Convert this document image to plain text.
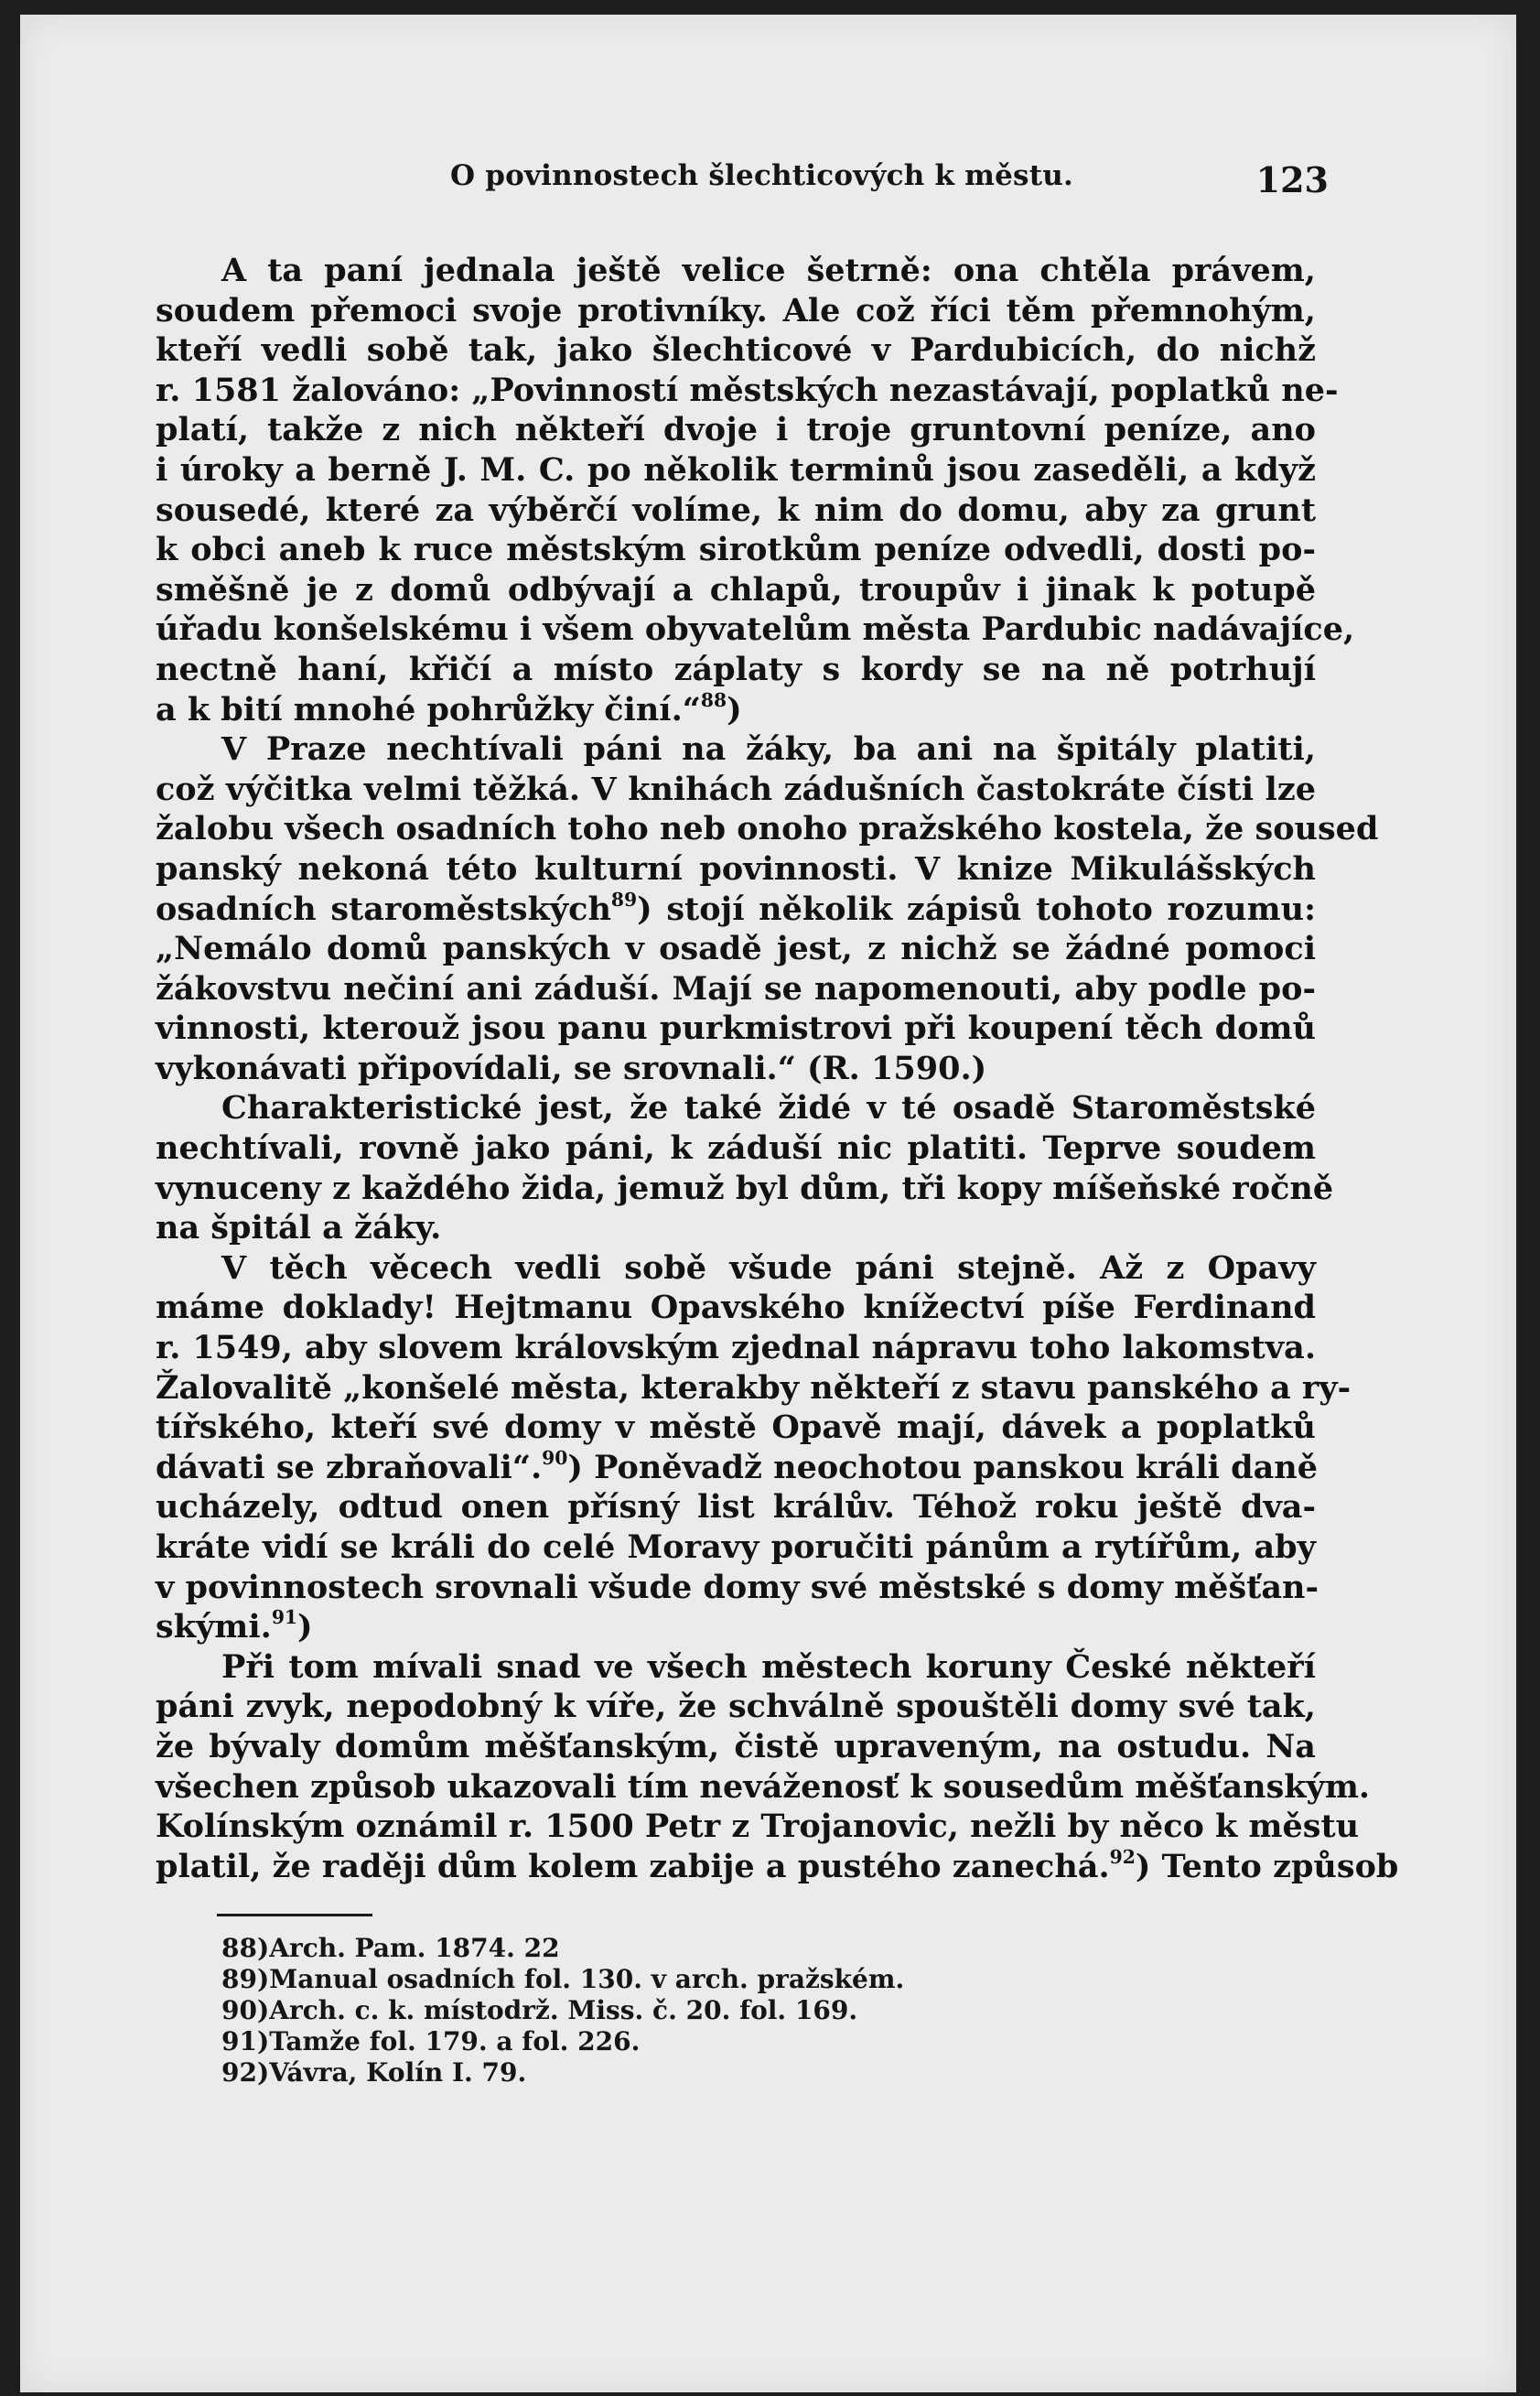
O povinnostech šlechticových k městu.	123
A ta paní jednala ještě velice šetrně: ona chtěla právem,
soudem přemoci svoje protivníky. Ale což říci těm přemnohým,
kteří vedli sobě tak, jako šlechticové v Pardubicích, do nichž
r. 1581 žalováno: „Povinností městských nezastávají, poplatků ne-
platí, takže z nich někteří dvoje i troje gruntovní peníze, ano
i úroky a berně J. M. C. po několik terminů jsou zaseděli, a když
sousedé, které za výběrčí volíme, k nim do domu, aby za grunt
k obci aneb k ruce městským sirotkům peníze odvedli, dosti po-
směšně je z domů odbývají a chlapů, troupův i jinak k potupě
úřadu konšelskému i všem obyvatelům města Pardubic nadávajíce,
nectně haní, křičí a místo záplaty s kordy se na ně potrhují
a k bití mnohé pohrůžky činí.“$^{88}$)
V Praze nechtívali páni na žáky, ba ani na špitály platiti,
což výčitka velmi těžká. V knihách zádušních častokráte čísti lze
žalobu všech osadních toho neb onoho pražského kostela, že soused
panský nekoná této kulturní povinnosti. V knize Mikulášských
osadních staroměstských$^{89}$) stojí několik zápisů tohoto rozumu:
„Nemálo domů panských v osadě jest, z nichž se žádné pomoci
žákovstvu nečiní ani záduší. Mají se napomenouti, aby podle po-
vinnosti, kterouž jsou panu purkmistrovi při koupení těch domů
vykonávati připovídali, se srovnali.“ (R. 1590.)
Charakteristické jest, že také židé v té osadě Staroměstské
nechtívali, rovně jako páni, k záduší nic platiti. Teprve soudem
vynuceny z každého žida, jemuž byl dům, tři kopy míšeňské ročně
na špitál a žáky.
V těch věcech vedli sobě všude páni stejně. Až z Opavy
máme doklady! Hejtmanu Opavského knížectví píše Ferdinand
r. 1549, aby slovem královským zjednal nápravu toho lakomstva.
Žalovalitě „konšelé města, kterakby někteří z stavu panského a ry-
tířského, kteří své domy v městě Opavě mají, dávek a poplatků
dávati se zbraňovali“.$^{90}$) Poněvadž neochotou panskou králi daně
ucházely, odtud onen přísný list králův. Téhož roku ještě dva-
kráte vidí se králi do celé Moravy poručiti pánům a rytířům, aby
v povinnostech srovnali všude domy své městské s domy měšťan-
skými.$^{91}$)
Při tom mívali snad ve všech městech koruny České někteří
páni zvyk, nepodobný k víře, že schválně spouštěli domy své tak,
že bývaly domům měšťanským, čistě upraveným, na ostudu. Na
všechen způsob ukazovali tím neváženosť k sousedům měšťanským.
Kolínským oznámil r. 1500 Petr z Trojanovic, nežli by něco k městu
platil, že raději dům kolem zabije a pustého zanechá.$^{92}$) Tento způsob
88)Arch. Pam. 1874. 22
89)Manual osadních fol. 130. v arch. pražském.
90)Arch. c. k. místodrž. Miss. č. 20. fol. 169.
91)Tamže fol. 179. a fol. 226.
92)Vávra, Kolín I. 79.
